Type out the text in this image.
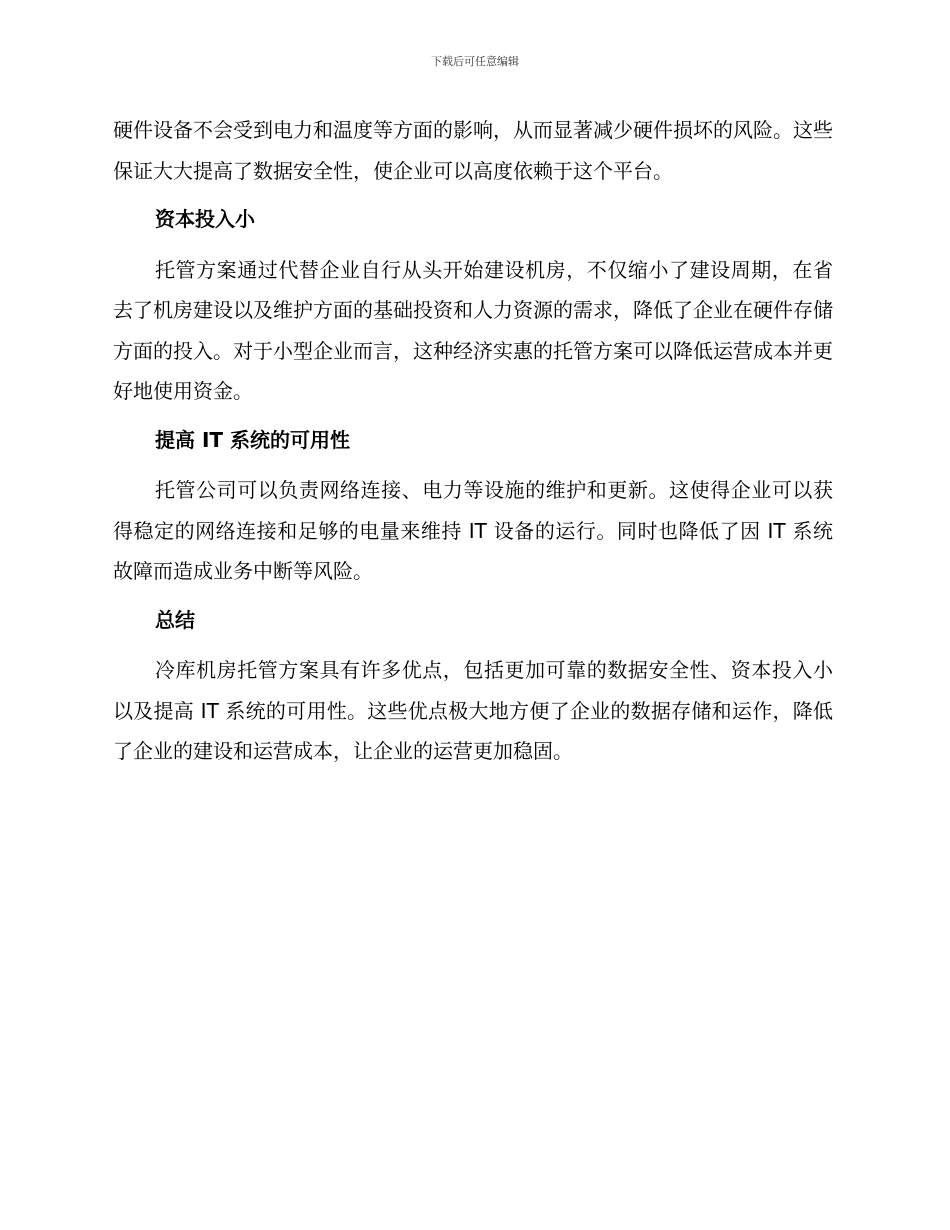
下载后可任意编辑

硬件设备不会受到电力和温度等方面的影响，从而显著减少硬件损坏的风险。这些保证大大提高了数据安全性，使企业可以高度依赖于这个平台。

资本投入小

托管方案通过代替企业自行从头开始建设机房，不仅缩小了建设周期，在省去了机房建设以及维护方面的基础投资和人力资源的需求，降低了企业在硬件存储方面的投入。对于小型企业而言，这种经济实惠的托管方案可以降低运营成本并更好地使用资金。

提高 IT 系统的可用性

托管公司可以负责网络连接、电力等设施的维护和更新。这使得企业可以获得稳定的网络连接和足够的电量来维持 IT 设备的运行。同时也降低了因 IT 系统故障而造成业务中断等风险。

总结

冷库机房托管方案具有许多优点，包括更加可靠的数据安全性、资本投入小以及提高 IT 系统的可用性。这些优点极大地方便了企业的数据存储和运作，降低了企业的建设和运营成本，让企业的运营更加稳固。
